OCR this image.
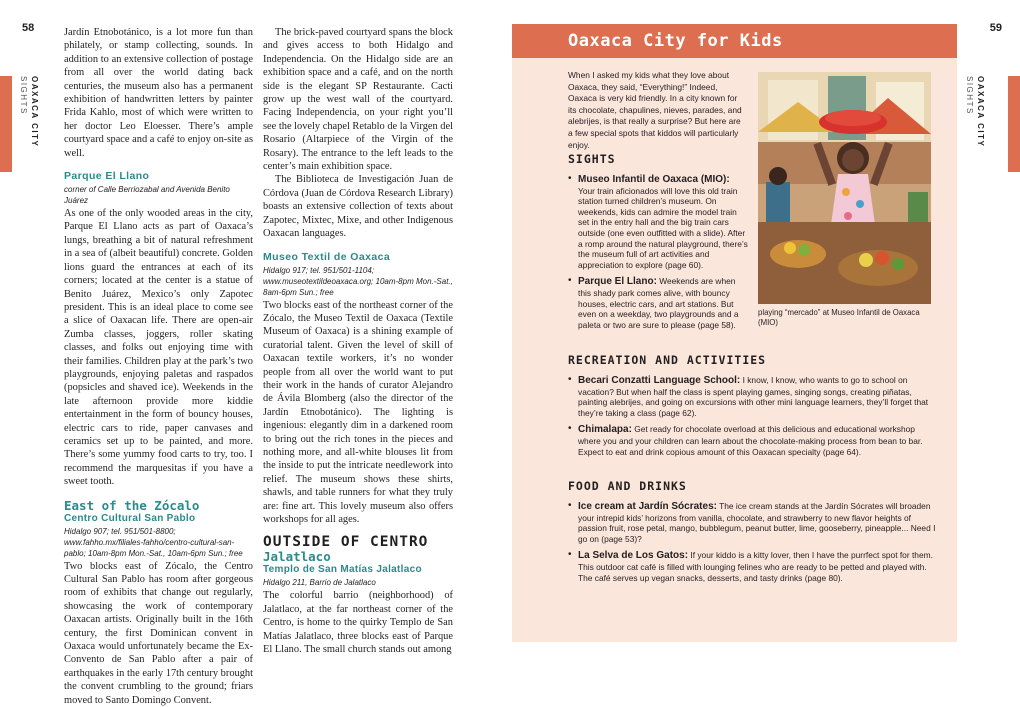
58	59
OAXACA CITY
SIGHTS	OAXACA CITY
SIGHTS

Jardín Etnobotánico, is a lot more fun than philately, or stamp collecting, sounds. In addition to an extensive collection of postage from all over the world dating back centuries, the museum also has a permanent exhibition of handwritten letters by painter Frida Kahlo, most of which were written to her doctor Leo Eloesser. There’s ample courtyard space and a café to enjoy on-site as well.

Parque El Llano
corner of Calle Berriozabal and Avenida Benito Juárez

As one of the only wooded areas in the city, Parque El Llano acts as part of Oaxaca’s lungs, breathing a bit of natural refreshment in a sea of (albeit beautiful) concrete. Golden lions guard the entrances at each of its corners; located at the center is a statue of Benito Juárez, Mexico’s only Zapotec president. This is an ideal place to come see a slice of Oaxacan life. There are open-air Zumba classes, joggers, roller skating classes, and folks out enjoying time with their families. Children play at the park’s two playgrounds, enjoying paletas and raspados (popsicles and shaved ice). Weekends in the late afternoon provide more kiddie entertainment in the form of bouncy houses, electric cars to ride, paper canvases and ceramics set up to be painted, and more. There’s some yummy food carts to try, too. I recommend the marquesitas if you have a sweet tooth.

East of the Zócalo
Centro Cultural San Pablo
Hidalgo 907; tel. 951/501-8800; www.fahho.mx/filiales-fahho/centro-cultural-san-pablo; 10am-8pm Mon.-Sat., 10am-6pm Sun.; free

Two blocks east of Zócalo, the Centro Cultural San Pablo has room after gorgeous room of exhibits that change out regularly, showcasing the work of contemporary Oaxacan artists. Originally built in the 16th century, the first Dominican convent in Oaxaca would unfortunately became the Ex-Convento de San Pablo after a pair of earthquakes in the early 17th century brought the convent crumbling to the ground; friars moved to Santo Domingo Convent.

The brick-paved courtyard spans the block and gives access to both Hidalgo and Independencia. On the Hidalgo side are an exhibition space and a café, and on the north side is the elegant SP Restaurante. Cacti grow up the west wall of the courtyard. Facing Independencia, on your right you’ll see the lovely chapel Retablo de la Virgen del Rosario (Altarpiece of the Virgin of the Rosary). The entrance to the left leads to the center’s main exhibition space.

The Biblioteca de Investigación Juan de Córdova (Juan de Córdova Research Library) boasts an extensive collection of texts about Zapotec, Mixtec, Mixe, and other Indigenous Oaxacan languages.

Museo Textil de Oaxaca
Hidalgo 917; tel. 951/501-1104; www.museotextildeoaxaca.org; 10am-8pm Mon.-Sat., 8am-6pm Sun.; free

Two blocks east of the northeast corner of the Zócalo, the Museo Textil de Oaxaca (Textile Museum of Oaxaca) is a shining example of curatorial talent. Given the level of skill of Oaxacan textile workers, it’s no wonder people from all over the world want to put their work in the hands of curator Alejandro de Ávila Blomberg (also the director of the Jardín Etnobotánico). The lighting is ingenious: elegantly dim in a darkened room to bring out the rich tones in the pieces and nothing more, and all-white blouses lit from the inside to put the intricate needlework into relief. The museum shows these shirts, shawls, and table runners for what they truly are: fine art. This lovely museum also offers workshops for all ages.

OUTSIDE OF CENTRO
Jalatlaco
Templo de San Matías Jalatlaco
Hidalgo 211, Barrio de Jalatlaco

The colorful barrio (neighborhood) of Jalatlaco, at the far northeast corner of the Centro, is home to the quirky Templo de San Matías Jalatlaco, three blocks east of Parque El Llano. The small church stands out among

Oaxaca City for Kids

When I asked my kids what they love about Oaxaca, they said, “Everything!” Indeed, Oaxaca is very kid friendly. In a city known for its chocolate, chapulines, nieves, parades, and alebrijes, is that really a surprise? But here are a few special spots that kiddos will particularly enjoy.

playing “mercado” at Museo Infantil de Oaxaca (MIO)

SIGHTS
• Museo Infantil de Oaxaca (MIO): Your train aficionados will love this old train station turned children’s museum. On weekends, kids can admire the model train set in the entry hall and the big train cars outside (one even outfitted with a slide). After a romp around the natural playground, there’s the museum full of art activities and appreciation to explore (page 60).
• Parque El Llano: Weekends are when this shady park comes alive, with bouncy houses, electric cars, and art stations. But even on a weekday, two playgrounds and a paleta or two are sure to please (page 58).
RECREATION AND ACTIVITIES
• Becari Conzatti Language School: I know, I know, who wants to go to school on vacation? But when half the class is spent playing games, singing songs, creating piñatas, painting alebrijes, and going on excursions with other mini language learners, they’ll forget that they’re taking a class (page 62).
• Chimalapa: Get ready for chocolate overload at this delicious and educational workshop where you and your children can learn about the chocolate-making process from bean to bar. Expect to eat and drink copious amount of this Oaxacan specialty (page 64).
FOOD AND DRINKS
• Ice cream at Jardín Sócrates: The ice cream stands at the Jardín Sócrates will broaden your intrepid kids’ horizons from vanilla, chocolate, and strawberry to new flavor heights of passion fruit, rose petal, mango, bubblegum, peanut butter, lime, gooseberry, pineapple... Need I go on (page 53)?
• La Selva de Los Gatos: If your kiddo is a kitty lover, then I have the purrfect spot for them. This outdoor cat café is filled with lounging felines who are ready to be petted and played with. The café serves up vegan snacks, desserts, and tasty drinks (page 80).
